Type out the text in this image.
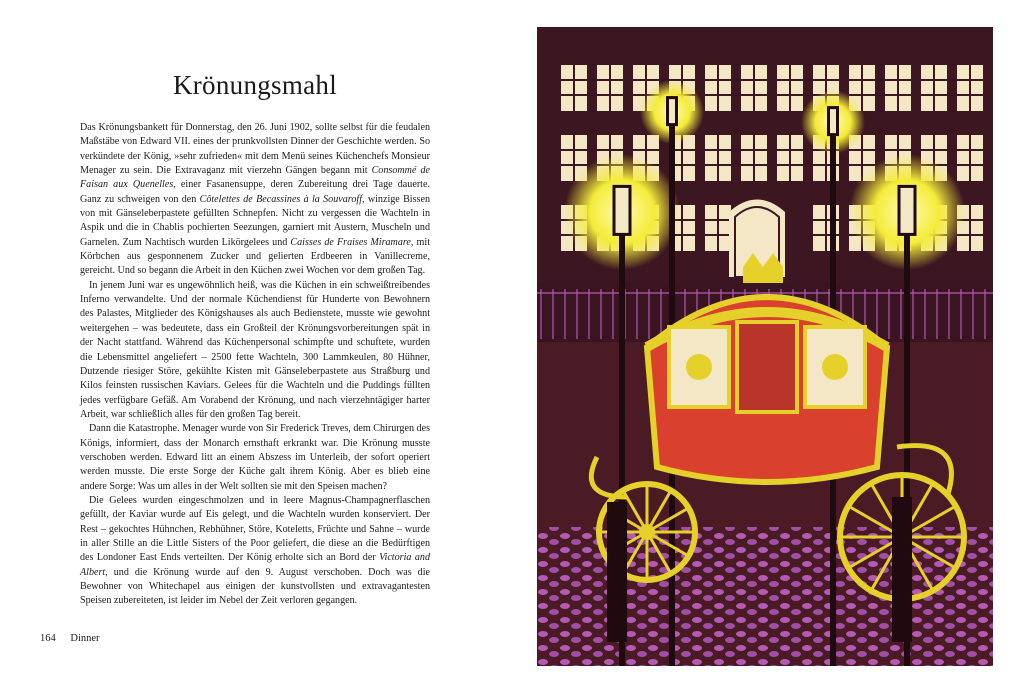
Krönungsmahl

Das Krönungsbankett für Donnerstag, den 26. Juni 1902, sollte selbst für die feudalen Maßstäbe von Edward VII. eines der prunkvollsten Dinner der Geschichte werden. So verkündete der König, »sehr zufrieden« mit dem Menü seines Küchenchefs Monsieur Menager zu sein. Die Extravaganz mit vierzehn Gängen begann mit Consommé de Faisan aux Quenelles, einer Fasanensuppe, deren Zubereitung drei Tage dauerte. Ganz zu schweigen von den Côtelettes de Becassines à la Souvaroff, winzige Bissen von mit Gänseleberpastete gefüllten Schnepfen. Nicht zu vergessen die Wachteln in Aspik und die in Chablis pochierten Seezungen, garniert mit Austern, Muscheln und Garnelen. Zum Nachtisch wurden Likörgelees und Caisses de Fraises Miramare, mit Körbchen aus gesponnenem Zucker und gelierten Erdbeeren in Vanillecreme, gereicht. Und so begann die Arbeit in den Küchen zwei Wochen vor dem großen Tag.

In jenem Juni war es ungewöhnlich heiß, was die Küchen in ein schweißtreibendes Inferno verwandelte. Und der normale Küchendienst für Hunderte von Bewohnern des Palastes, Mitglieder des Königshauses als auch Bedienstete, musste wie gewohnt weitergehen – was bedeutete, dass ein Großteil der Krönungsvorbereitungen spät in der Nacht stattfand. Während das Küchenpersonal schimpfte und schuftete, wurden die Lebensmittel angeliefert – 2500 fette Wachteln, 300 Lammkeulen, 80 Hühner, Dutzende riesiger Störe, gekühlte Kisten mit Gänseleberpastete aus Straßburg und Kilos feinsten russischen Kaviars. Gelees für die Wachteln und die Puddings füllten jedes verfügbare Gefäß. Am Vorabend der Krönung, und nach vierzehntägiger harter Arbeit, war schließlich alles für den großen Tag bereit.

Dann die Katastrophe. Menager wurde von Sir Frederick Treves, dem Chirurgen des Königs, informiert, dass der Monarch ernsthaft erkrankt war. Die Krönung musste verschoben werden. Edward litt an einem Abszess im Unterleib, der sofort operiert werden musste. Die erste Sorge der Küche galt ihrem König. Aber es blieb eine andere Sorge: Was um alles in der Welt sollten sie mit den Speisen machen?

Die Gelees wurden eingeschmolzen und in leere Magnus-Champagnerflaschen gefüllt, der Kaviar wurde auf Eis gelegt, und die Wachteln wurden konserviert. Der Rest – gekochtes Hühnchen, Rebhühner, Störe, Koteletts, Früchte und Sahne – wurde in aller Stille an die Little Sisters of the Poor geliefert, die diese an die Bedürftigen des Londoner East Ends verteilten. Der König erholte sich an Bord der Victoria and Albert, und die Krönung wurde auf den 9. August verschoben. Doch was die Bewohner von Whitechapel aus einigen der kunstvollsten und extravagantesten Speisen zubereiteten, ist leider im Nebel der Zeit verloren gegangen.

164 Dinner
